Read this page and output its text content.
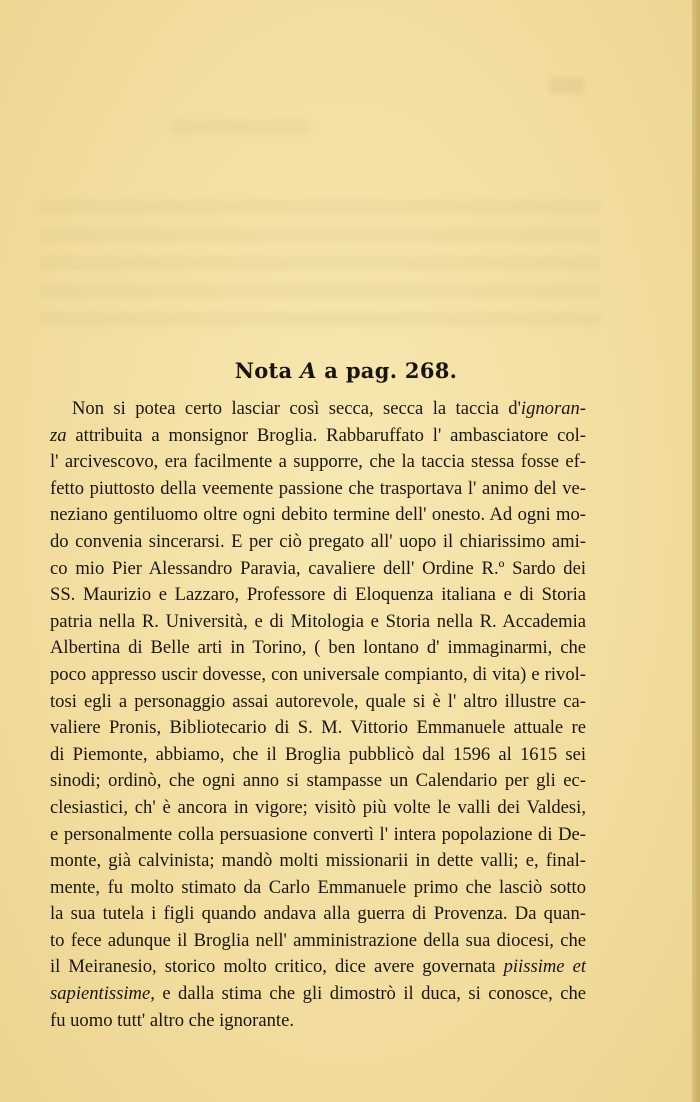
Nota A a pag. 268.
Non si potea certo lasciar così secca, secca la taccia d'ignoran-
za attribuita a monsignor Broglia. Rabbaruffato l' ambasciatore col-
l' arcivescovo, era facilmente a supporre, che la taccia stessa fosse ef-
fetto piuttosto della veemente passione che trasportava l' animo del ve-
neziano gentiluomo oltre ogni debito termine dell' onesto. Ad ogni mo-
do convenia sincerarsi. E per ciò pregato all' uopo il chiarissimo ami-
co mio Pier Alessandro Paravia, cavaliere dell' Ordine R.º Sardo dei
SS. Maurizio e Lazzaro, Professore di Eloquenza italiana e di Storia
patria nella R. Università, e di Mitologia e Storia nella R. Accademia
Albertina di Belle arti in Torino, ( ben lontano d' immaginarmi, che
poco appresso uscir dovesse, con universale compianto, di vita) e rivol-
tosi egli a personaggio assai autorevole, quale si è l' altro illustre ca-
valiere Pronis, Bibliotecario di S. M. Vittorio Emmanuele attuale re
di Piemonte, abbiamo, che il Broglia pubblicò dal 1596 al 1615 sei
sinodi; ordinò, che ogni anno si stampasse un Calendario per gli ec-
clesiastici, ch' è ancora in vigore; visitò più volte le valli dei Valdesi,
e personalmente colla persuasione convertì l' intera popolazione di De-
monte, già calvinista; mandò molti missionarii in dette valli; e, final-
mente, fu molto stimato da Carlo Emmanuele primo che lasciò sotto
la sua tutela i figli quando andava alla guerra di Provenza. Da quan-
to fece adunque il Broglia nell' amministrazione della sua diocesi, che
il Meiranesio, storico molto critico, dice avere governata piissime et
sapientissime, e dalla stima che gli dimostrò il duca, si conosce, che
fu uomo tutt' altro che ignorante.
